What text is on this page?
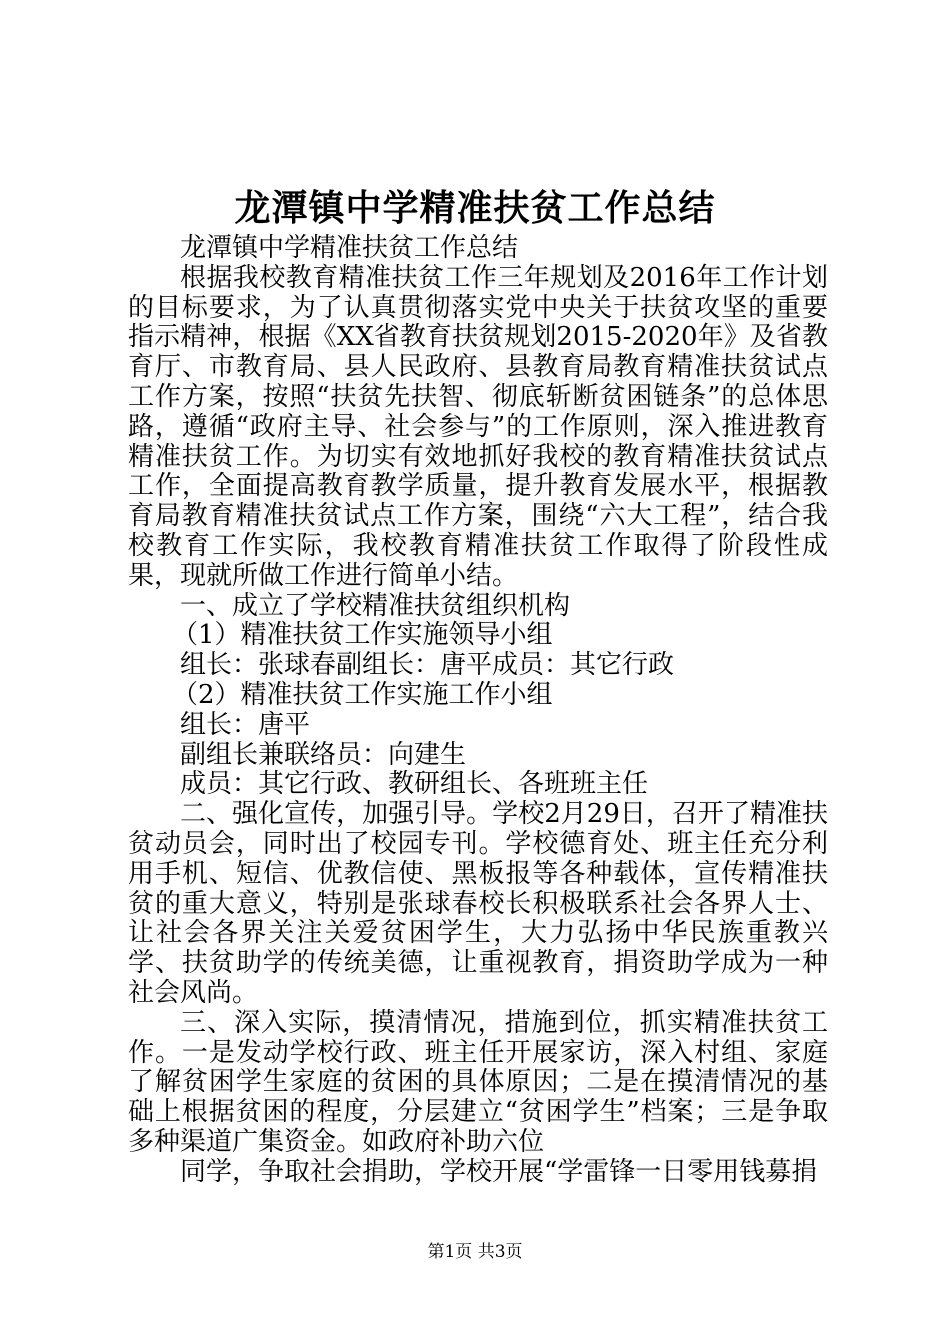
龙潭镇中学精准扶贫工作总结

龙潭镇中学精准扶贫工作总结

根据我校教育精准扶贫工作三年规划及2016年工作计划的目标要求，为了认真贯彻落实党中央关于扶贫攻坚的重要指示精神，根据《XX省教育扶贫规划2015-2020年》及省教育厅、市教育局、县人民政府、县教育局教育精准扶贫试点工作方案，按照“扶贫先扶智、彻底斩断贫困链条”的总体思路，遵循“政府主导、社会参与”的工作原则，深入推进教育精准扶贫工作。为切实有效地抓好我校的教育精准扶贫试点工作，全面提高教育教学质量，提升教育发展水平，根据教育局教育精准扶贫试点工作方案，围绕“六大工程”，结合我校教育工作实际，我校教育精准扶贫工作取得了阶段性成果，现就所做工作进行简单小结。

一、成立了学校精准扶贫组织机构

（1）精准扶贫工作实施领导小组

组长：张球春副组长：唐平成员：其它行政

（2）精准扶贫工作实施工作小组

组长：唐平

副组长兼联络员：向建生

成员：其它行政、教研组长、各班班主任

二、强化宣传，加强引导。学校2月29日，召开了精准扶贫动员会，同时出了校园专刊。学校德育处、班主任充分利用手机、短信、优教信使、黑板报等各种载体，宣传精准扶贫的重大意义，特别是张球春校长积极联系社会各界人士、让社会各界关注关爱贫困学生，大力弘扬中华民族重教兴学、扶贫助学的传统美德，让重视教育，捐资助学成为一种社会风尚。

三、深入实际，摸清情况，措施到位，抓实精准扶贫工作。一是发动学校行政、班主任开展家访，深入村组、家庭了解贫困学生家庭的贫困的具体原因；二是在摸清情况的基础上根据贫困的程度，分层建立“贫困学生”档案；三是争取多种渠道广集资金。如政府补助六位

同学，争取社会捐助，学校开展“学雷锋一日零用钱募捐

第1页 共3页
